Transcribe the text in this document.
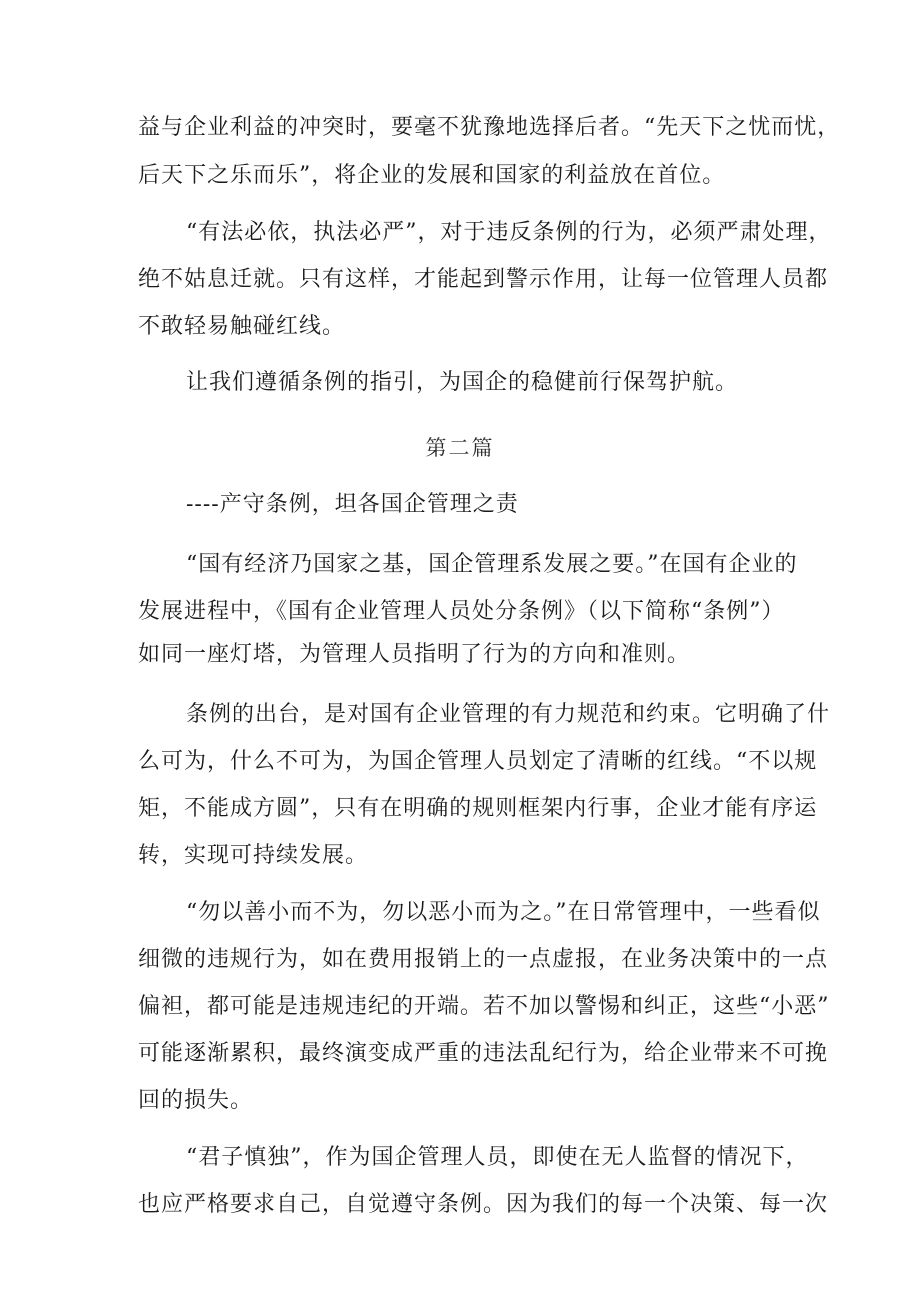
益与企业利益的冲突时，要毫不犹豫地选择后者。“先天下之忧而忧，
后天下之乐而乐”，将企业的发展和国家的利益放在首位。
“有法必依，执法必严”，对于违反条例的行为，必须严肃处理，
绝不姑息迁就。只有这样，才能起到警示作用，让每一位管理人员都
不敢轻易触碰红线。
让我们遵循条例的指引，为国企的稳健前行保驾护航。
第二篇
----产守条例，坦各国企管理之责
“国有经济乃国家之基，国企管理系发展之要。”在国有企业的
发展进程中，《国有企业管理人员处分条例》（以下简称“条例”）
如同一座灯塔，为管理人员指明了行为的方向和准则。
条例的出台，是对国有企业管理的有力规范和约束。它明确了什
么可为，什么不可为，为国企管理人员划定了清晰的红线。“不以规
矩，不能成方圆”，只有在明确的规则框架内行事，企业才能有序运
转，实现可持续发展。
“勿以善小而不为，勿以恶小而为之。”在日常管理中，一些看似
细微的违规行为，如在费用报销上的一点虚报，在业务决策中的一点
偏袒，都可能是违规违纪的开端。若不加以警惕和纠正，这些“小恶”
可能逐渐累积，最终演变成严重的违法乱纪行为，给企业带来不可挽
回的损失。
“君子慎独”，作为国企管理人员，即使在无人监督的情况下，
也应严格要求自己，自觉遵守条例。因为我们的每一个决策、每一次
